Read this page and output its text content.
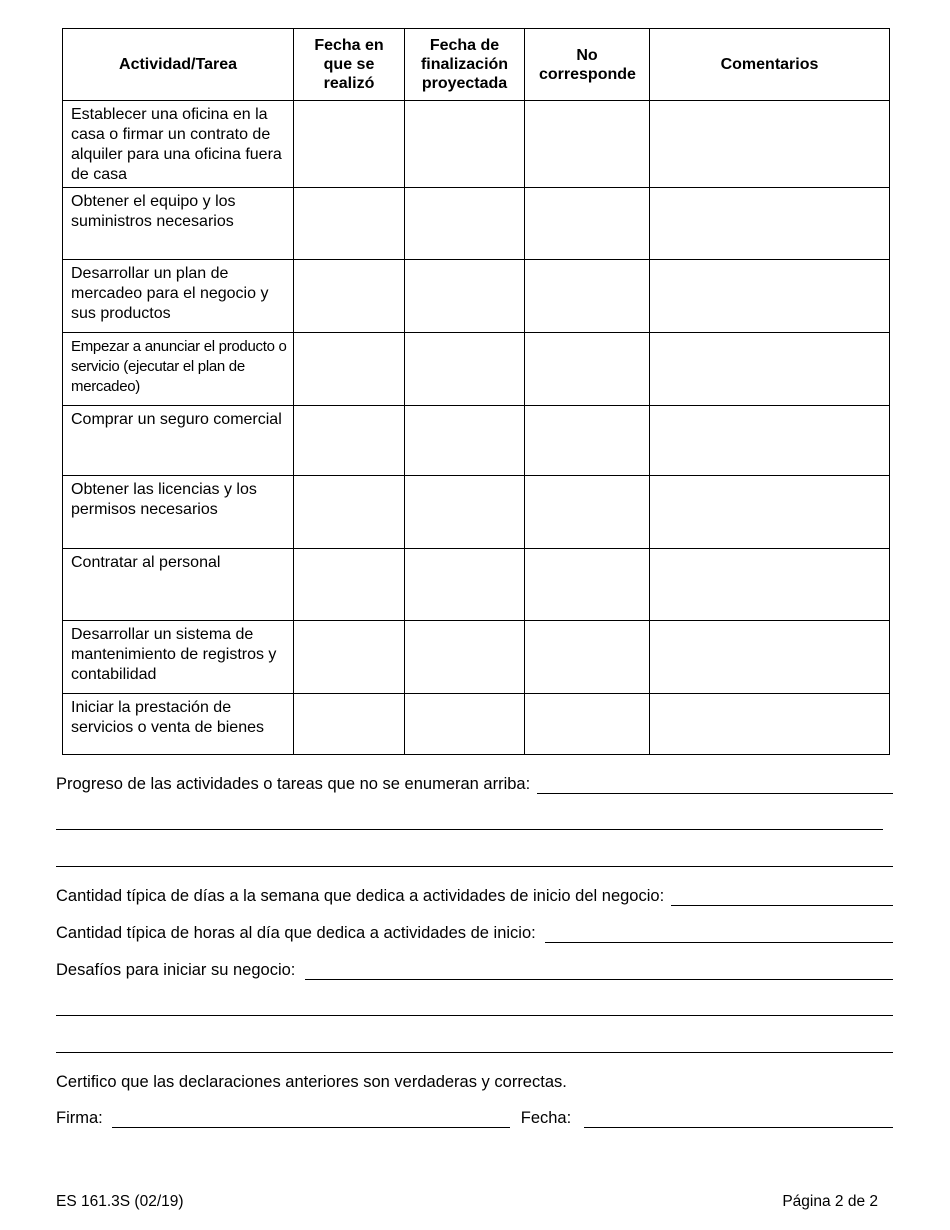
Actividad/Tarea	Fecha en que se realizó	Fecha de finalización proyectada	No corresponde	Comentarios
Establecer una oficina en la casa o firmar un contrato de alquiler para una oficina fuera de casa				
Obtener el equipo y los suministros necesarios				
Desarrollar un plan de mercadeo para el negocio y sus productos				
Empezar a anunciar el producto o servicio (ejecutar el plan de mercadeo)				
Comprar un seguro comercial				
Obtener las licencias y los permisos necesarios				
Contratar al personal				
Desarrollar un sistema de mantenimiento de registros y contabilidad				
Iniciar la prestación de servicios o venta de bienes				
Progreso de las actividades o tareas que no se enumeran arriba:
Cantidad típica de días a la semana que dedica a actividades de inicio del negocio:
Cantidad típica de horas al día que dedica a actividades de inicio:
Desafíos para iniciar su negocio:
Certifico que las declaraciones anteriores son verdaderas y correctas.
Firma:	Fecha:
ES 161.3S (02/19)	Página 2 de 2
